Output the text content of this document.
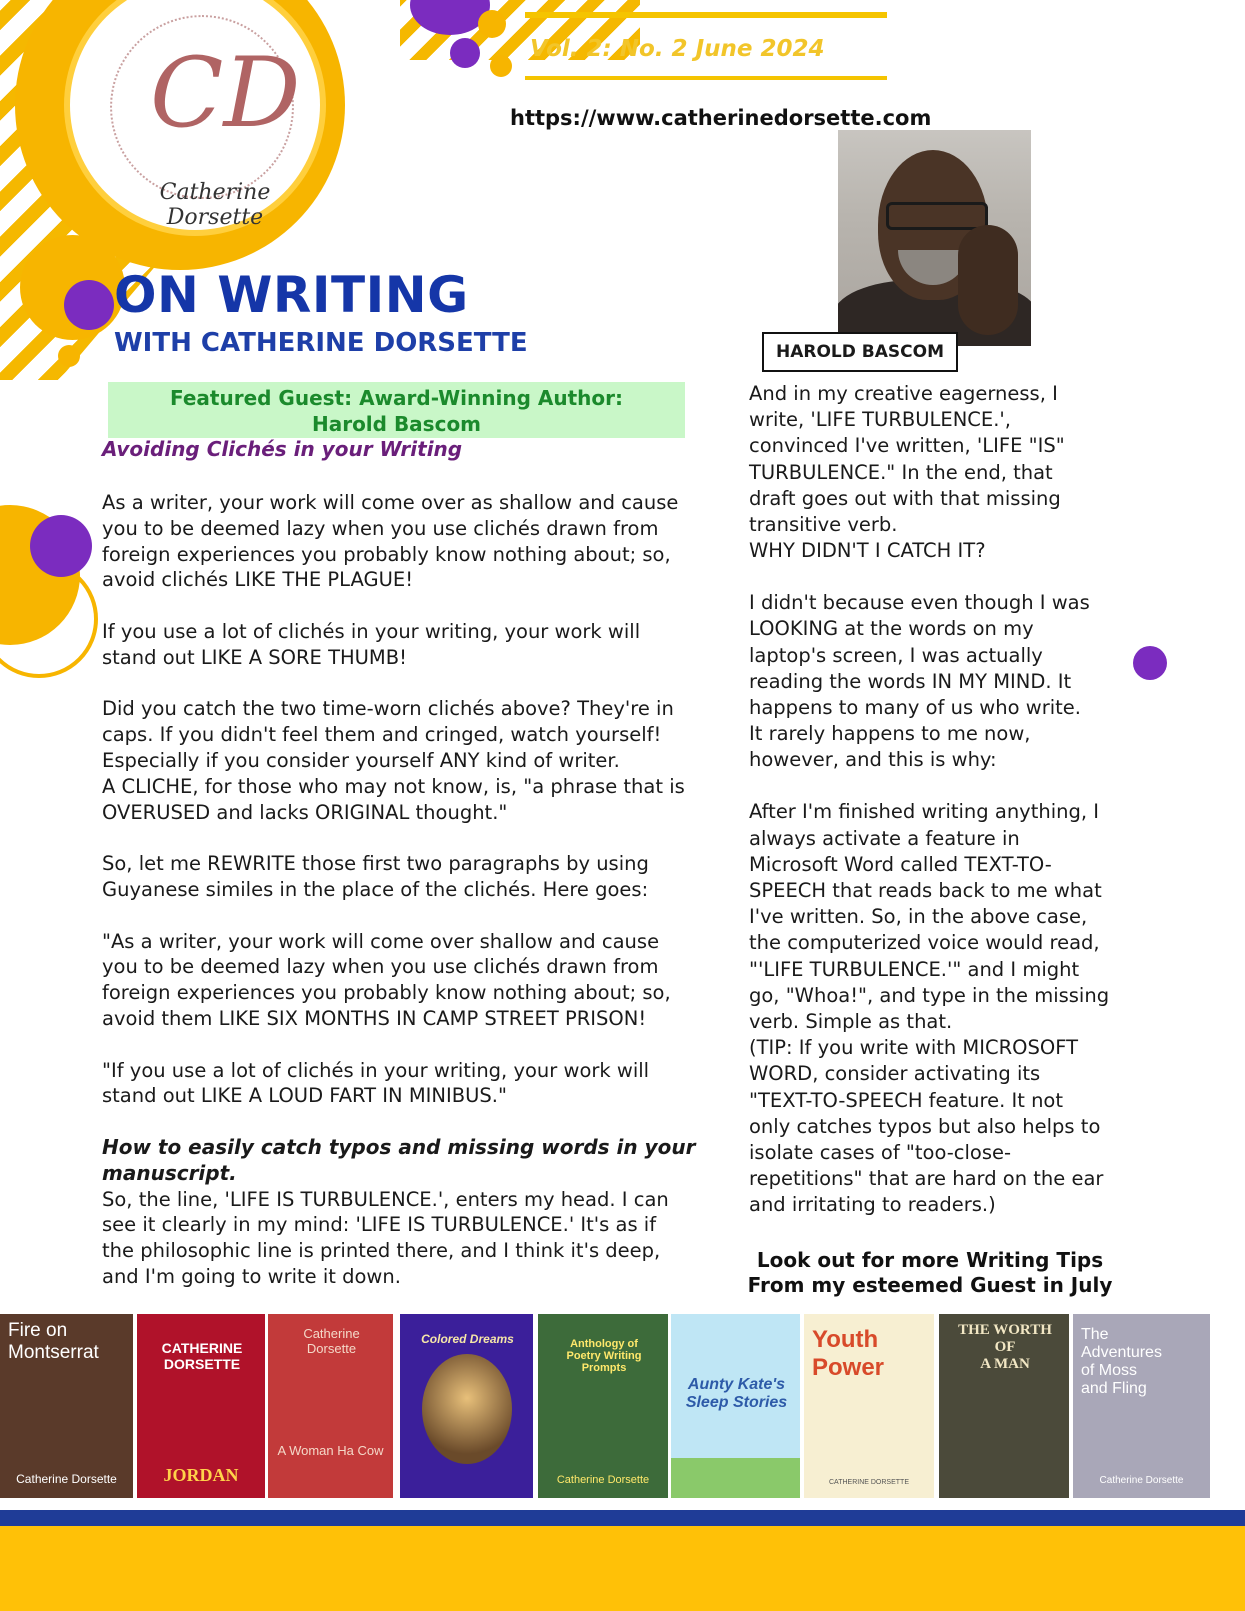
CD
Catherine Dorsette
Vol. 2: No. 2 June 2024
https://www.catherinedorsette.com
ON WRITING
WITH CATHERINE DORSETTE	HAROLD BASCOM
Featured Guest: Award-Winning Author:
Harold Bascom
Avoiding Clichés in your Writing

As a writer, your work will come over as shallow and cause
you to be deemed lazy when you use clichés drawn from
foreign experiences you probably know nothing about; so,
avoid clichés LIKE THE PLAGUE!

If you use a lot of clichés in your writing, your work will
stand out LIKE A SORE THUMB!

Did you catch the two time-worn clichés above? They're in
caps. If you didn't feel them and cringed, watch yourself!
Especially if you consider yourself ANY kind of writer.
A CLICHE, for those who may not know, is, "a phrase that is
OVERUSED and lacks ORIGINAL thought."

So, let me REWRITE those first two paragraphs by using
Guyanese similes in the place of the clichés. Here goes:

"As a writer, your work will come over shallow and cause
you to be deemed lazy when you use clichés drawn from
foreign experiences you probably know nothing about; so,
avoid them LIKE SIX MONTHS IN CAMP STREET PRISON!

"If you use a lot of clichés in your writing, your work will
stand out LIKE A LOUD FART IN MINIBUS."

How to easily catch typos and missing words in your
manuscript.

So, the line, 'LIFE IS TURBULENCE.', enters my head. I can
see it clearly in my mind: 'LIFE IS TURBULENCE.' It's as if
the philosophic line is printed there, and I think it's deep,
and I'm going to write it down.

And in my creative eagerness, I
write, 'LIFE TURBULENCE.',
convinced I've written, 'LIFE "IS"
TURBULENCE." In the end, that
draft goes out with that missing
transitive verb.
WHY DIDN'T I CATCH IT?

I didn't because even though I was
LOOKING at the words on my
laptop's screen, I was actually
reading the words IN MY MIND. It
happens to many of us who write.
It rarely happens to me now,
however, and this is why:

After I'm finished writing anything, I
always activate a feature in
Microsoft Word called TEXT-TO-
SPEECH that reads back to me what
I've written. So, in the above case,
the computerized voice would read,
"'LIFE TURBULENCE.'" and I might
go, "Whoa!", and type in the missing
verb. Simple as that.
(TIP: If you write with MICROSOFT
WORD, consider activating its
"TEXT-TO-SPEECH feature. It not
only catches typos but also helps to
isolate cases of "too-close-
repetitions" that are hard on the ear
and irritating to readers.)

Look out for more Writing Tips
From my esteemed Guest in July
Fire on
Montserrat
Catherine Dorsette
CATHERINE
DORSETTE
JORDAN
Catherine
Dorsette
A Woman Ha Cow
Colored Dreams	Anthology of
Poetry Writing Prompts
Catherine Dorsette
Aunty Kate's
Sleep Stories
Youth
Power
CATHERINE DORSETTE
THE WORTH OF
A MAN
The
Adventures
of Moss
and Fling
Catherine Dorsette
